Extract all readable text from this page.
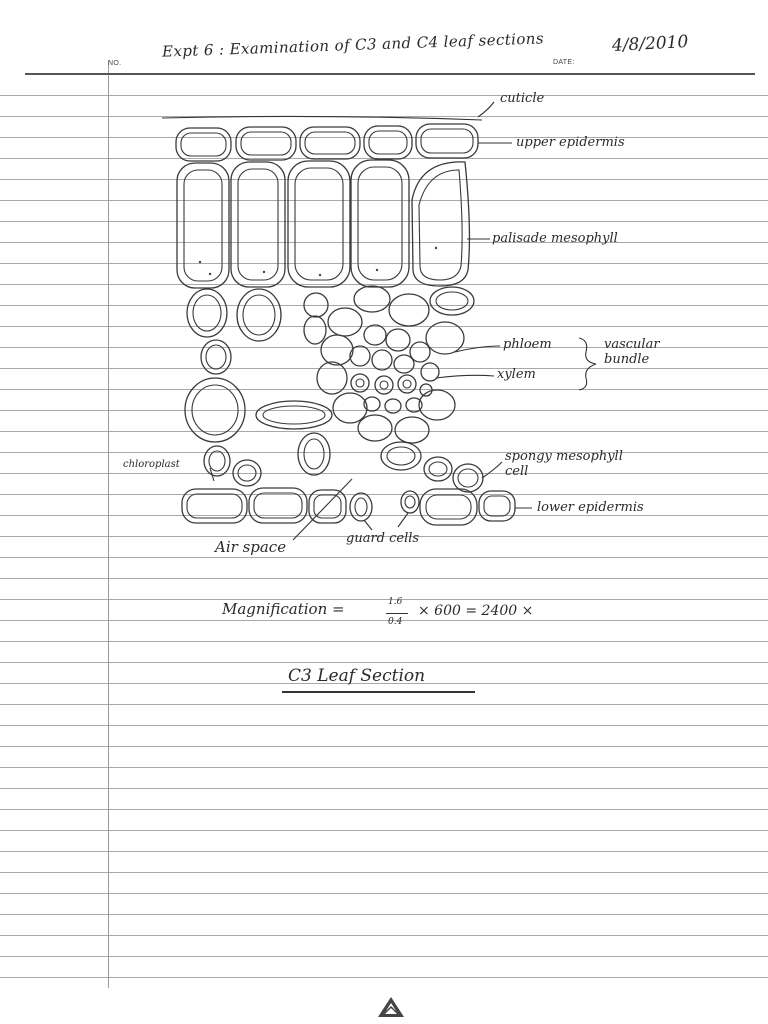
NO.	DATE:
Expt 6 : Examination of C3 and C4 leaf sections	4/8/2010
cuticle
upper epidermis
palisade mesophyll
phloem
xylem
vascular bundle
chloroplast
spongy mesophyll cell
lower epidermis
Air space	guard cells
Magnification =	1.6
0.4
× 600 = 2400 ×
C3 Leaf Section
